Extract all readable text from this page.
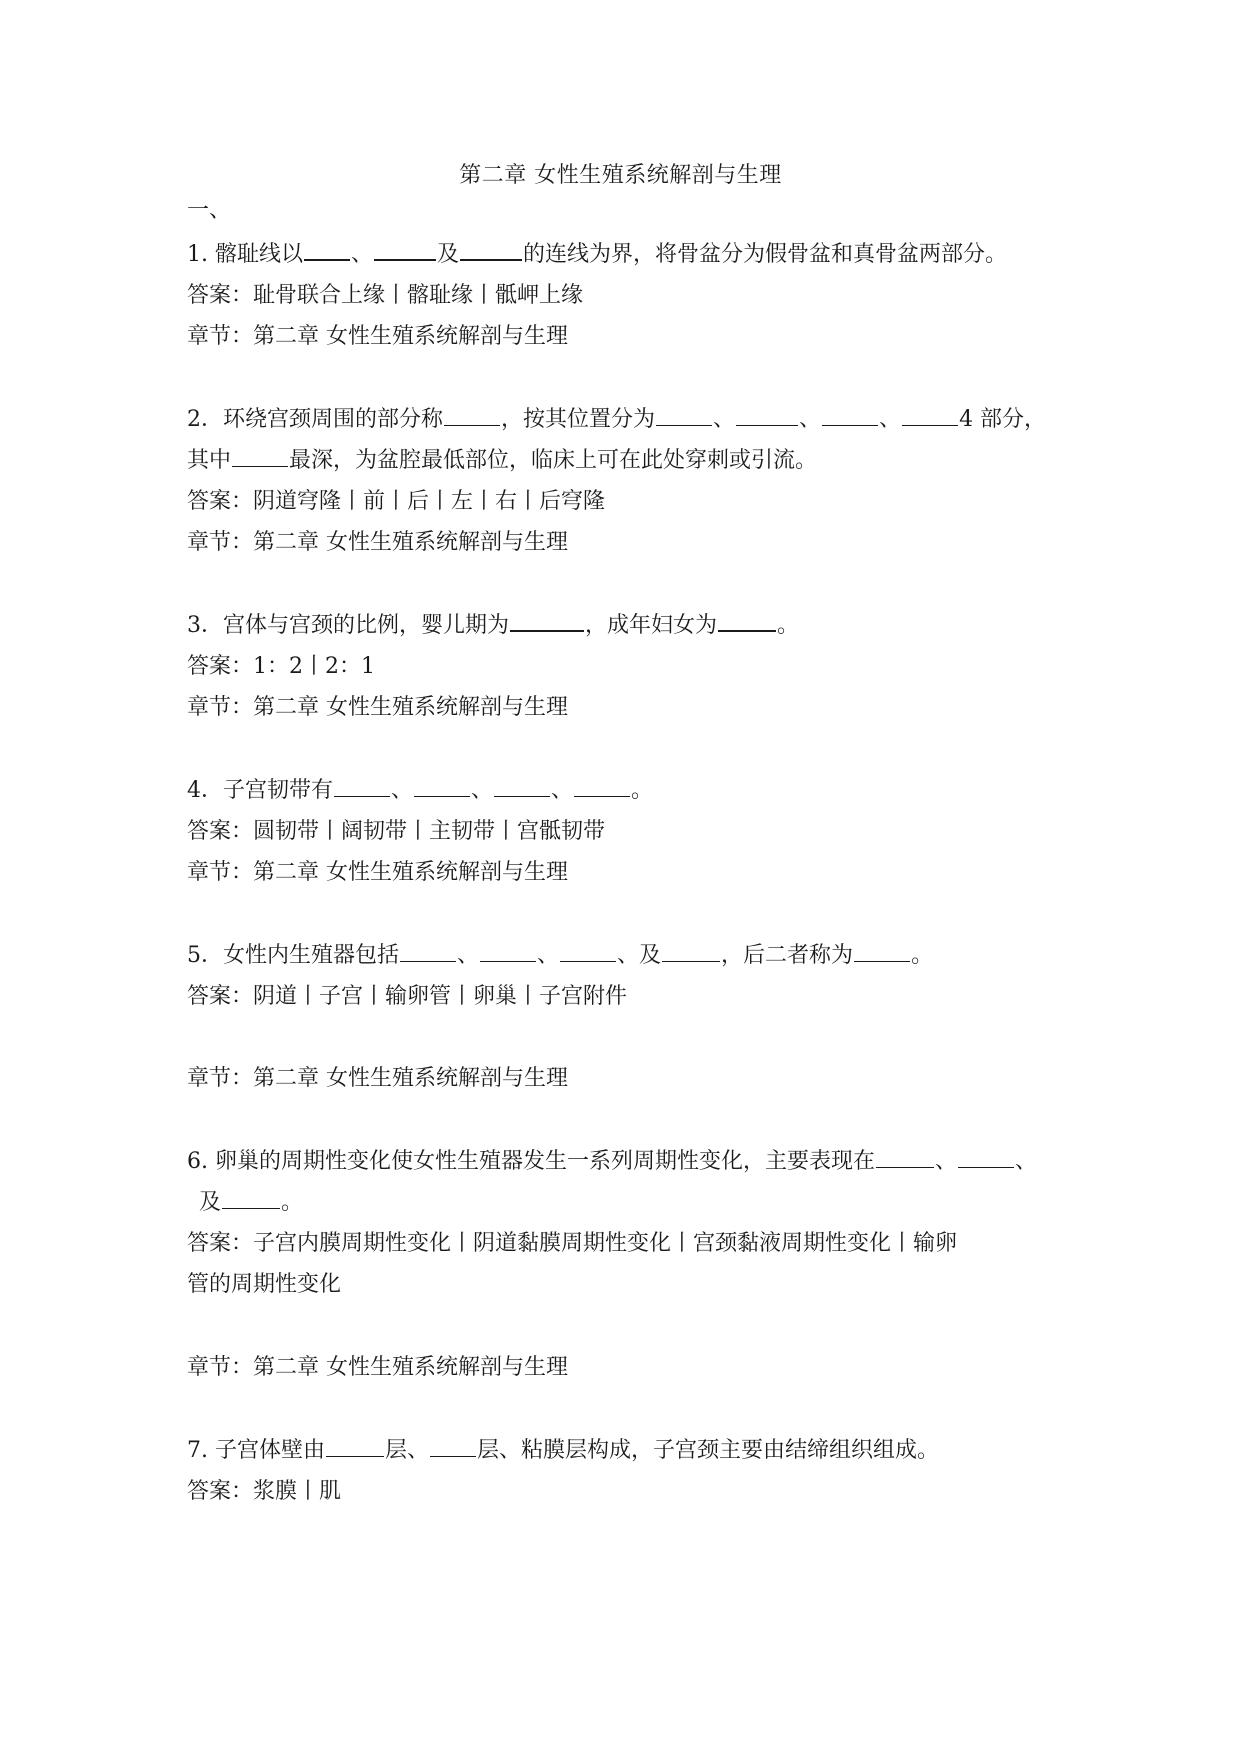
第二章 女性生殖系统解剖与生理
一、
1. 髂耻线以 、	及	的连线为界，将骨盆分为假骨盆和真骨盆两部分。
答案：耻骨联合上缘丨髂耻缘丨骶岬上缘
章节：第二章 女性生殖系统解剖与生理
2．环绕宫颈周围的部分称	，按其位置分为	、	、	、	4 部分，
其中	最深，为盆腔最低部位，临床上可在此处穿刺或引流。
答案：阴道穹隆丨前丨后丨左丨右丨后穹隆
章节：第二章 女性生殖系统解剖与生理
3．宫体与宫颈的比例，婴儿期为	，成年妇女为	。
答案：1：2丨2：1
章节：第二章 女性生殖系统解剖与生理
4．子宫韧带有	、	、	、	。
答案：圆韧带丨阔韧带丨主韧带丨宫骶韧带
章节：第二章 女性生殖系统解剖与生理
5．女性内生殖器包括	、	、	、及	，后二者称为	。
答案：阴道丨子宫丨输卵管丨卵巢丨子宫附件
章节：第二章 女性生殖系统解剖与生理
6. 卵巢的周期性变化使女性生殖器发生一系列周期性变化，主要表现在	、	、
及	。
答案：子宫内膜周期性变化丨阴道黏膜周期性变化丨宫颈黏液周期性变化丨输卵
管的周期性变化
章节：第二章 女性生殖系统解剖与生理
7. 子宫体壁由	层、 层、粘膜层构成，子宫颈主要由结缔组织组成。
答案：浆膜丨肌
